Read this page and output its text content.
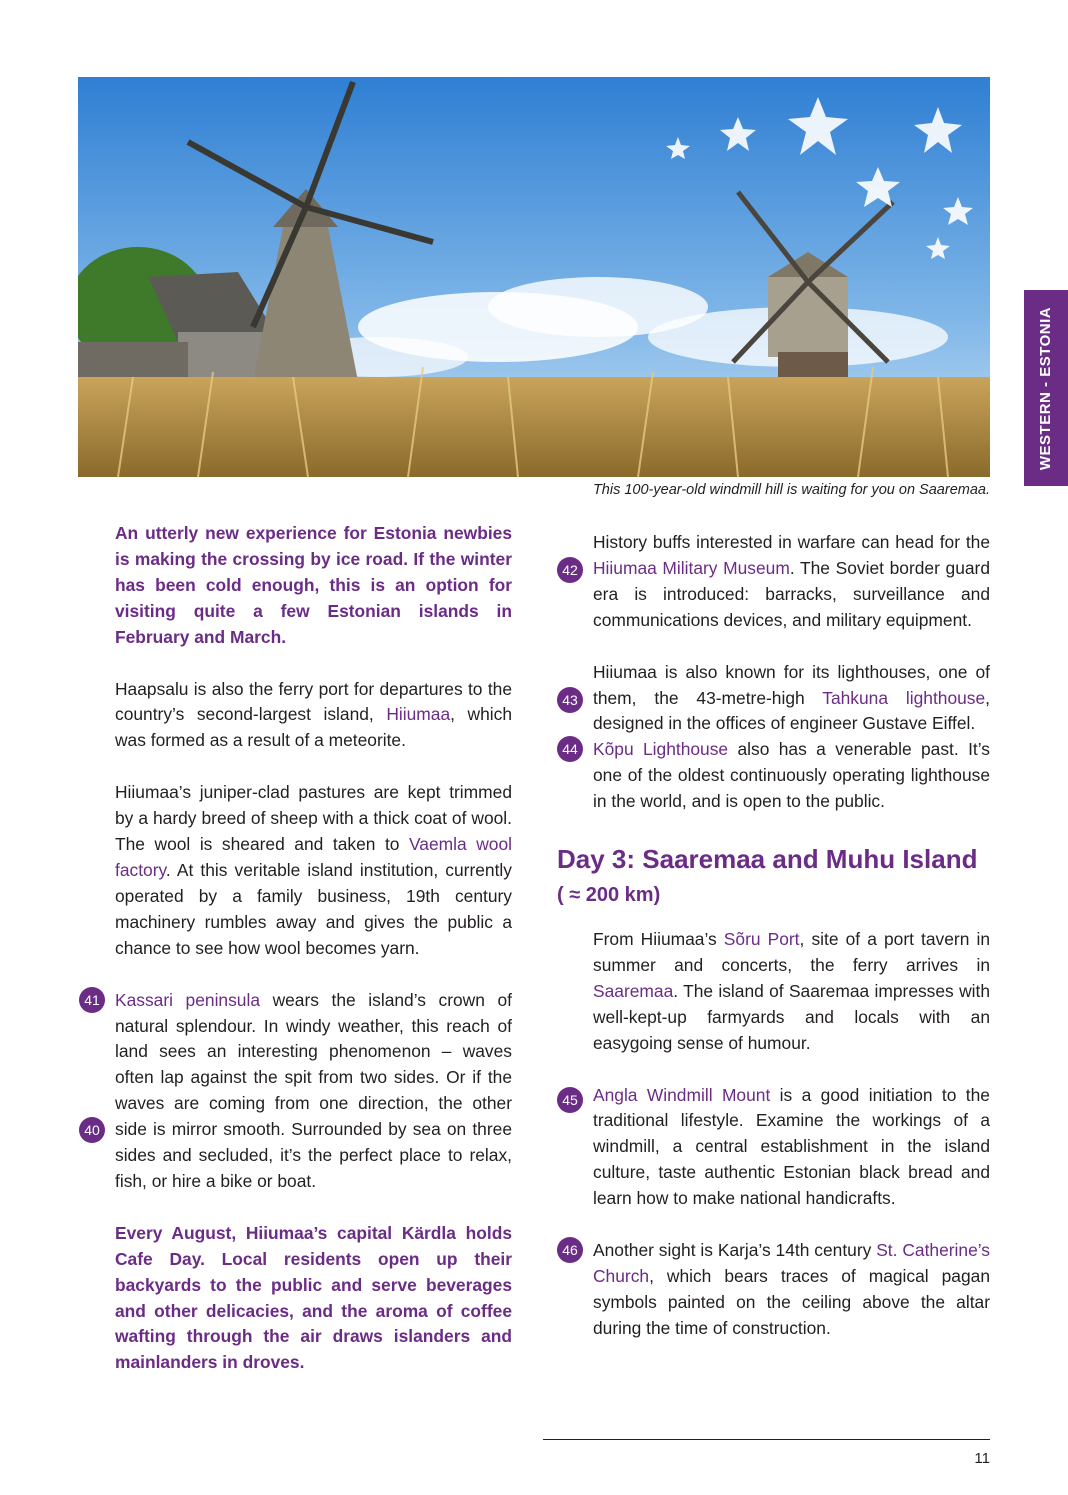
This 100-year-old windmill hill is waiting for you on Saaremaa.
WESTERN - ESTONIA

An utterly new experience for Estonia newbies is making the crossing by ice road. If the winter has been cold enough, this is an option for visiting quite a few Estonian islands in February and March.

Haapsalu is also the ferry port for departures to the country’s second-largest island, Hiiumaa, which was formed as a result of a meteorite.

40
Hiiumaa’s juniper-clad pastures are kept trimmed by a hardy breed of sheep with a thick coat of wool. The wool is sheared and taken to Vaemla wool factory. At this veritable island institution, currently operated by a family business, 19th century machinery rumbles away and gives the public a chance to see how wool becomes yarn.

41 Kassari peninsula wears the island’s crown of natural splendour. In windy weather, this reach of land sees an interesting phenomenon – waves often lap against the spit from two sides. Or if the waves are coming from one direction, the other side is mirror smooth. Surrounded by sea on three sides and secluded, it’s the perfect place to relax, fish, or hire a bike or boat.

Every August, Hiiumaa’s capital Kärdla holds Cafe Day. Local residents open up their backyards to the public and serve beverages and other delicacies, and the aroma of coffee wafting through the air draws islanders and mainlanders in droves.

42
History buffs interested in warfare can head for the Hiiumaa Military Museum. The Soviet border guard era is introduced: barracks, surveillance and communications devices, and military equipment.

43
Hiiumaa is also known for its lighthouses, one of them, the 43-metre-high Tahkuna lighthouse, designed in the offices of engineer Gustave Eiffel.

44 Kõpu Lighthouse also has a venerable past. It’s one of the oldest continuously operating lighthouse in the world, and is open to the public.

Day 3: Saaremaa and Muhu Island
( ≈ 200 km)

From Hiiumaa’s Sõru Port, site of a port tavern in summer and concerts, the ferry arrives in Saaremaa. The island of Saaremaa impresses with well-kept-up farmyards and locals with an easygoing sense of humour.

45 Angla Windmill Mount is a good initiation to the traditional lifestyle. Examine the workings of a windmill, a central establishment in the island culture, taste authentic Estonian black bread and learn how to make national handicrafts.

46 Another sight is Karja’s 14th century St. Catherine’s Church, which bears traces of magical pagan symbols painted on the ceiling above the altar during the time of construction.

11
